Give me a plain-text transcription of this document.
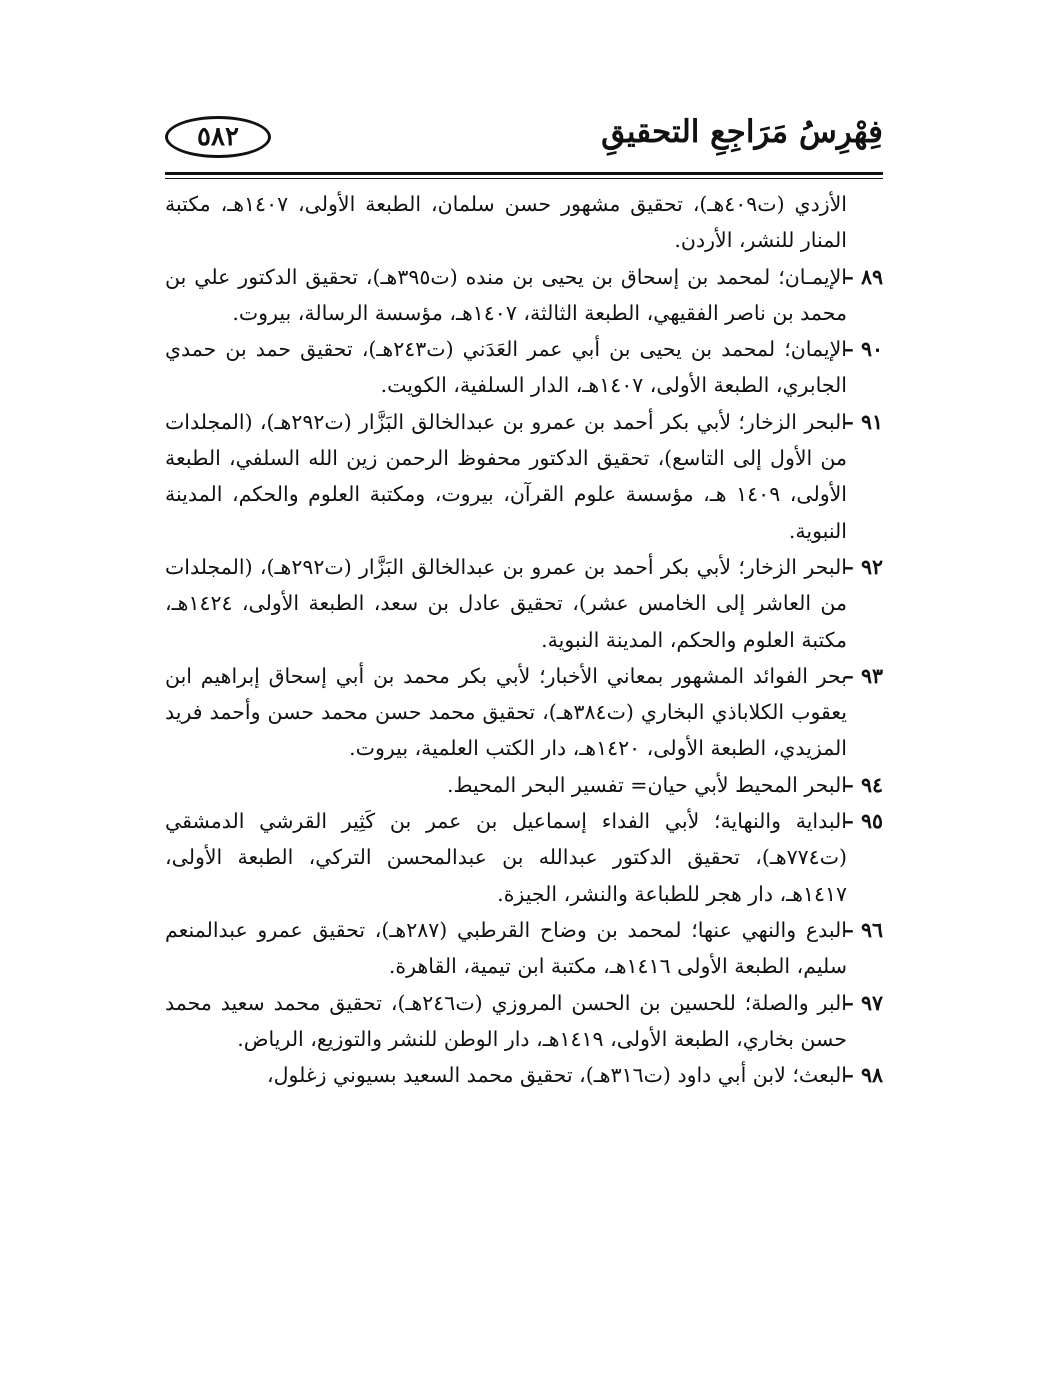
فِهْرِسُ مَرَاجِعِ التحقيقِ
٥٨٢
الأزدي (ت٤٠٩هـ)، تحقيق مشهور حسن سلمان، الطبعة الأولى، ١٤٠٧هـ، مكتبة المنار للنشر، الأردن.
٨٩ –
الإيمـان؛ لمحمد بن إسحاق بن يحيى بن منده (ت٣٩٥هـ)، تحقيق الدكتور علي بن محمد بن ناصر الفقيهي، الطبعة الثالثة، ١٤٠٧هـ، مؤسسة الرسالة، بيروت.
٩٠ –
الإيمان؛ لمحمد بن يحيى بن أبي عمر العَدَني (ت٢٤٣هـ)، تحقيق حمد بن حمدي الجابري، الطبعة الأولى، ١٤٠٧هـ، الدار السلفية، الكويت.
٩١ –
البحر الزخار؛ لأبي بكر أحمد بن عمرو بن عبدالخالق البَزَّار (ت٢٩٢هـ)، (المجلدات من الأول إلى التاسع)، تحقيق الدكتور محفوظ الرحمن زين الله السلفي، الطبعة الأولى، ١٤٠٩ هـ، مؤسسة علوم القرآن، بيروت، ومكتبة العلوم والحكم، المدينة النبوية.
٩٢ –
البحر الزخار؛ لأبي بكر أحمد بن عمرو بن عبدالخالق البَزَّار (ت٢٩٢هـ)، (المجلدات من العاشر إلى الخامس عشر)، تحقيق عادل بن سعد، الطبعة الأولى، ١٤٢٤هـ، مكتبة العلوم والحكم، المدينة النبوية.
٩٣ –
بحر الفوائد المشهور بمعاني الأخبار؛ لأبي بكر محمد بن أبي إسحاق إبراهيم ابن يعقوب الكلاباذي البخاري (ت٣٨٤هـ)، تحقيق محمد حسن محمد حسن وأحمد فريد المزيدي، الطبعة الأولى، ١٤٢٠هـ، دار الكتب العلمية، بيروت.
٩٤ –
البحر المحيط لأبي حيان= تفسير البحر المحيط.
٩٥ –
البداية والنهاية؛ لأبي الفداء إسماعيل بن عمر بن كَثِير القرشي الدمشقي (ت٧٧٤هـ)، تحقيق الدكتور عبدالله بن عبدالمحسن التركي، الطبعة الأولى، ١٤١٧هـ، دار هجر للطباعة والنشر، الجيزة.
٩٦ –
البدع والنهي عنها؛ لمحمد بن وضاح القرطبي (٢٨٧هـ)، تحقيق عمرو عبدالمنعم سليم، الطبعة الأولى ١٤١٦هـ، مكتبة ابن تيمية، القاهرة.
٩٧ –
البر والصلة؛ للحسين بن الحسن المروزي (ت٢٤٦هـ)، تحقيق محمد سعيد محمد حسن بخاري، الطبعة الأولى، ١٤١٩هـ، دار الوطن للنشر والتوزيع، الرياض.
٩٨ –
البعث؛ لابن أبي داود (ت٣١٦هـ)، تحقيق محمد السعيد بسيوني زغلول،
